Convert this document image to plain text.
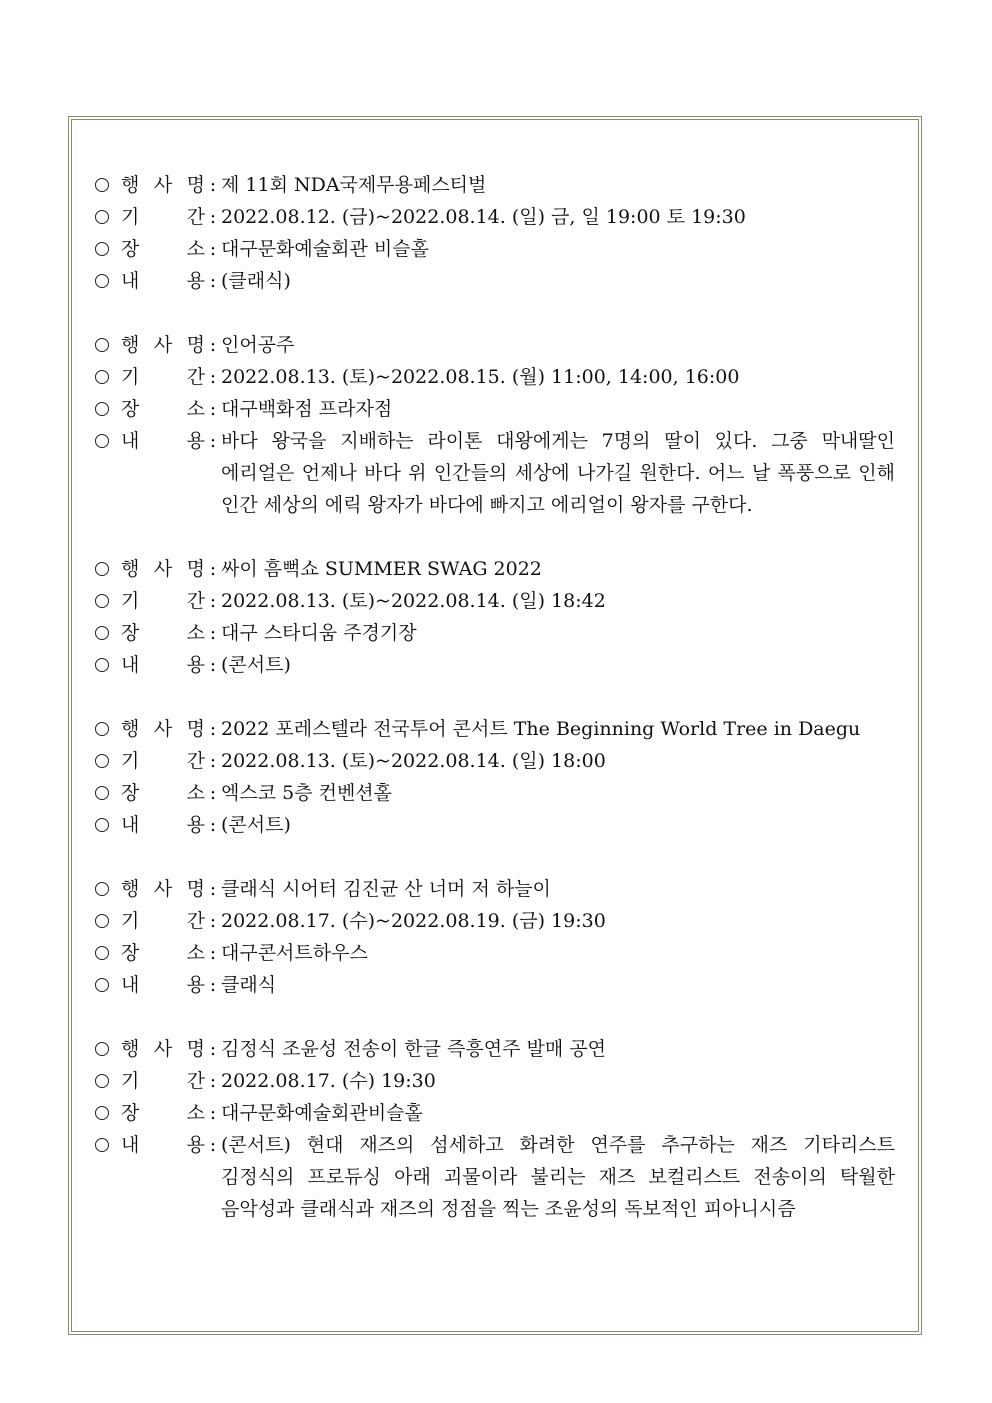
행 사 명 : 제 11회 NDA국제무용페스티벌
기 간 : 2022.08.12. (금)~2022.08.14. (일) 금, 일 19:00 토 19:30
장 소 : 대구문화예술회관 비슬홀
내 용 : (클래식)
행 사 명 : 인어공주
기 간 : 2022.08.13. (토)~2022.08.15. (월) 11:00, 14:00, 16:00
장 소 : 대구백화점 프라자점
내 용 : 바다 왕국을 지배하는 라이톤 대왕에게는 7명의 딸이 있다. 그중 막내딸인 에리얼은 언제나 바다 위 인간들의 세상에 나가길 원한다. 어느 날 폭풍으로 인해 인간 세상의 에릭 왕자가 바다에 빠지고 에리얼이 왕자를 구한다.
행 사 명 : 싸이 흠뻑쇼 SUMMER SWAG 2022
기 간 : 2022.08.13. (토)~2022.08.14. (일) 18:42
장 소 : 대구 스타디움 주경기장
내 용 : (콘서트)
행 사 명 : 2022 포레스텔라 전국투어 콘서트 The Beginning World Tree in Daegu
기 간 : 2022.08.13. (토)~2022.08.14. (일) 18:00
장 소 : 엑스코 5층 컨벤션홀
내 용 : (콘서트)
행 사 명 : 클래식 시어터 김진균 산 너머 저 하늘이
기 간 : 2022.08.17. (수)~2022.08.19. (금) 19:30
장 소 : 대구콘서트하우스
내 용 : 클래식
행 사 명 : 김정식 조윤성 전송이 한글 즉흥연주 발매 공연
기 간 : 2022.08.17. (수) 19:30
장 소 : 대구문화예술회관비슬홀
내 용 : (콘서트) 현대 재즈의 섬세하고 화려한 연주를 추구하는 재즈 기타리스트 김정식의 프로듀싱 아래 괴물이라 불리는 재즈 보컬리스트 전송이의 탁월한 음악성과 클래식과 재즈의 정점을 찍는 조윤성의 독보적인 피아니시즘
